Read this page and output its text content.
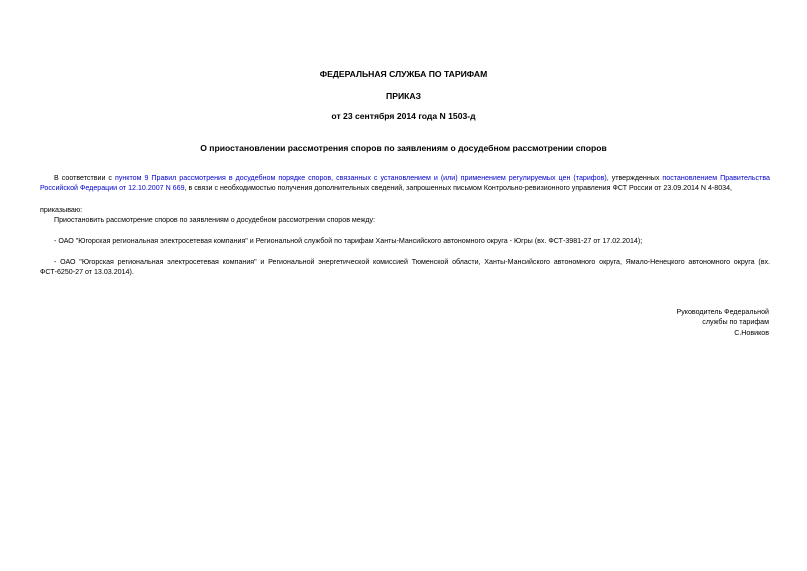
ФЕДЕРАЛЬНАЯ СЛУЖБА ПО ТАРИФАМ
ПРИКАЗ
от 23 сентября 2014 года N 1503-д
О приостановлении рассмотрения споров по заявлениям о досудебном рассмотрении споров
В соответствии с пунктом 9 Правил рассмотрения в досудебном порядке споров, связанных с установлением и (или) применением регулируемых цен (тарифов), утвержденных постановлением Правительства Российской Федерации от 12.10.2007 N 669, в связи с необходимостью получения дополнительных сведений, запрошенных письмом Контрольно-ревизионного управления ФСТ России от 23.09.2014 N 4-8034,
приказываю:
Приостановить рассмотрение споров по заявлениям о досудебном рассмотрении споров между:
- ОАО "Югорская региональная электросетевая компания" и Региональной службой по тарифам Ханты-Мансийского автономного округа - Югры (вх. ФСТ-3981-27 от 17.02.2014);
- ОАО "Югорская региональная электросетевая компания" и Региональной энергетической комиссией Тюменской области, Ханты-Мансийского автономного округа, Ямало-Ненецкого автономного округа (вх. ФСТ-6250-27 от 13.03.2014).
Руководитель Федеральной
службы по тарифам
С.Новиков
